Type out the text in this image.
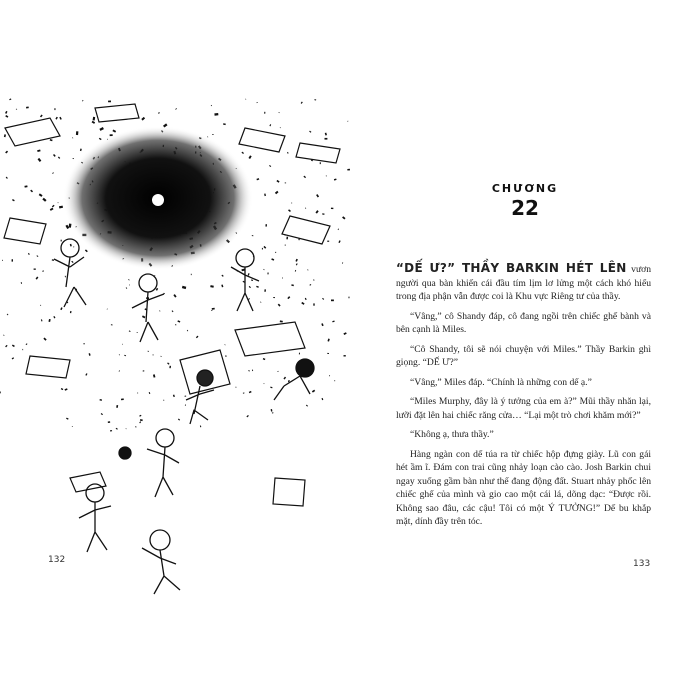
132
CHƯƠNG
22
133

“DẾ Ư?” THẦY BARKIN HÉT LÊN vươn người qua bàn khiến cái đầu tím lịm lơ lửng một cách khó hiểu trong địa phận vẫn được coi là Khu vực Riêng tư của thầy.

“Vâng,” cô Shandy đáp, cô đang ngồi trên chiếc ghế bành và bên cạnh là Miles.

“Cô Shandy, tôi sẽ nói chuyện với Miles.” Thầy Barkin ghì giọng. “DẾ Ư?”

“Vâng,” Miles đáp. “Chính là những con dế ạ.”

“Miles Murphy, đây là ý tưởng của em à?” Mũi thầy nhăn lại, lưỡi đặt lên hai chiếc răng cửa… “Lại một trò chơi khăm mới?”

“Không ạ, thưa thầy.”

Hàng ngàn con dế túa ra từ chiếc hộp đựng giày. Lũ con gái hét ầm ĩ. Đám con trai cũng nhảy loạn cào cào. Josh Barkin chui ngay xuống gầm bàn như thể đang động đất. Stuart nhảy phốc lên chiếc ghế của mình và gio cao một cái lá, dõng dạc: “Được rồi. Không sao đâu, các cậu! Tôi có một Ý TƯỞNG!” Dế bu khắp mặt, dính đầy trên tóc.
